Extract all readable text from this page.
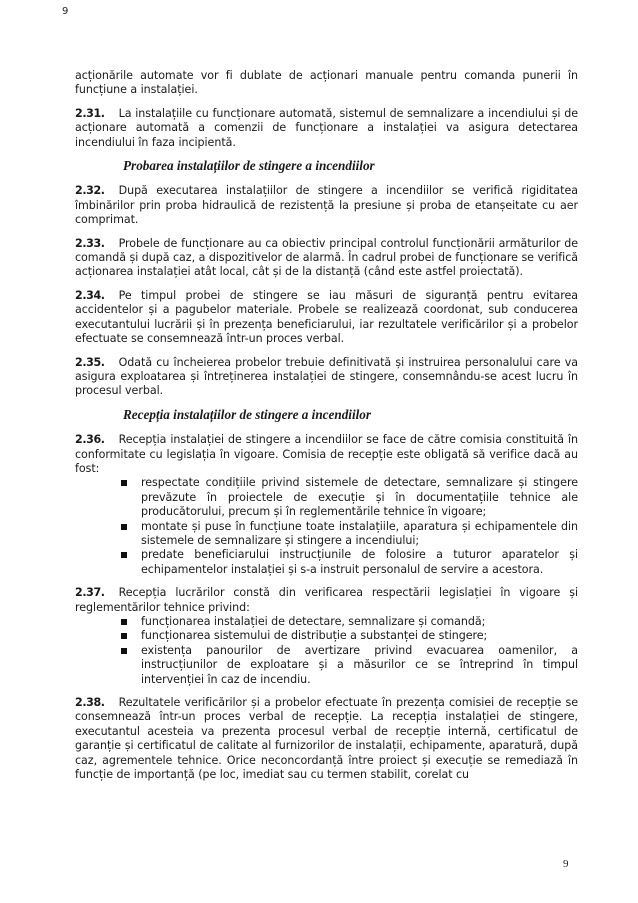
9

acționările automate vor fi dublate de acționari manuale pentru comanda punerii în funcțiune a instalației.

2.31. La instalațiile cu funcționare automată, sistemul de semnalizare a incendiului și de acționare automată a comenzii de funcționare a instalației va asigura detectarea incendiului în faza incipientă.

Probarea instalațiilor de stingere a incendiilor

2.32. După executarea instalațiilor de stingere a incendiilor se verifică rigiditatea îmbinărilor prin proba hidraulică de rezistență la presiune și proba de etanșeitate cu aer comprimat.

2.33. Probele de funcționare au ca obiectiv principal controlul funcționării armăturilor de comandă și după caz, a dispozitivelor de alarmă. În cadrul probei de funcționare se verifică acționarea instalației atât local, cât și de la distanță (când este astfel proiectată).

2.34. Pe timpul probei de stingere se iau măsuri de siguranță pentru evitarea accidentelor și a pagubelor materiale. Probele se realizează coordonat, sub conducerea executantului lucrării și în prezența beneficiarului, iar rezultatele verificărilor și a probelor efectuate se consemnează într-un proces verbal.

2.35. Odată cu încheierea probelor trebuie definitivată și instruirea personalului care va asigura exploatarea și întreținerea instalației de stingere, consemnându-se acest lucru în procesul verbal.

Recepția instalațiilor de stingere a incendiilor

2.36. Recepția instalației de stingere a incendiilor se face de către comisia constituită în conformitate cu legislația în vigoare. Comisia de recepție este obligată să verifice dacă au fost:

respectate condițiile privind sistemele de detectare, semnalizare și stingere prevăzute în proiectele de execuție și în documentațiile tehnice ale producătorului, precum și în reglementările tehnice în vigoare;
montate și puse în funcțiune toate instalațiile, aparatura și echipamentele din sistemele de semnalizare și stingere a incendiului;
predate beneficiarului instrucțiunile de folosire a tuturor aparatelor și echipamentelor instalației și s-a instruit personalul de servire a acestora.

2.37. Recepția lucrărilor constă din verificarea respectării legislației în vigoare și reglementărilor tehnice privind:

funcționarea instalației de detectare, semnalizare și comandă;
funcționarea sistemului de distribuție a substanței de stingere;
existența panourilor de avertizare privind evacuarea oamenilor, a instrucțiunilor de exploatare și a măsurilor ce se întreprind în timpul intervenției în caz de incendiu.

2.38. Rezultatele verificărilor și a probelor efectuate în prezența comisiei de recepție se consemnează într-un proces verbal de recepție. La recepția instalației de stingere, executantul acesteia va prezenta procesul verbal de recepție internă, certificatul de garanție și certificatul de calitate al furnizorilor de instalații, echipamente, aparatură, după caz, agrementele tehnice. Orice neconcordanță între proiect și execuție se remediază în funcție de importanță (pe loc, imediat sau cu termen stabilit, corelat cu

9
